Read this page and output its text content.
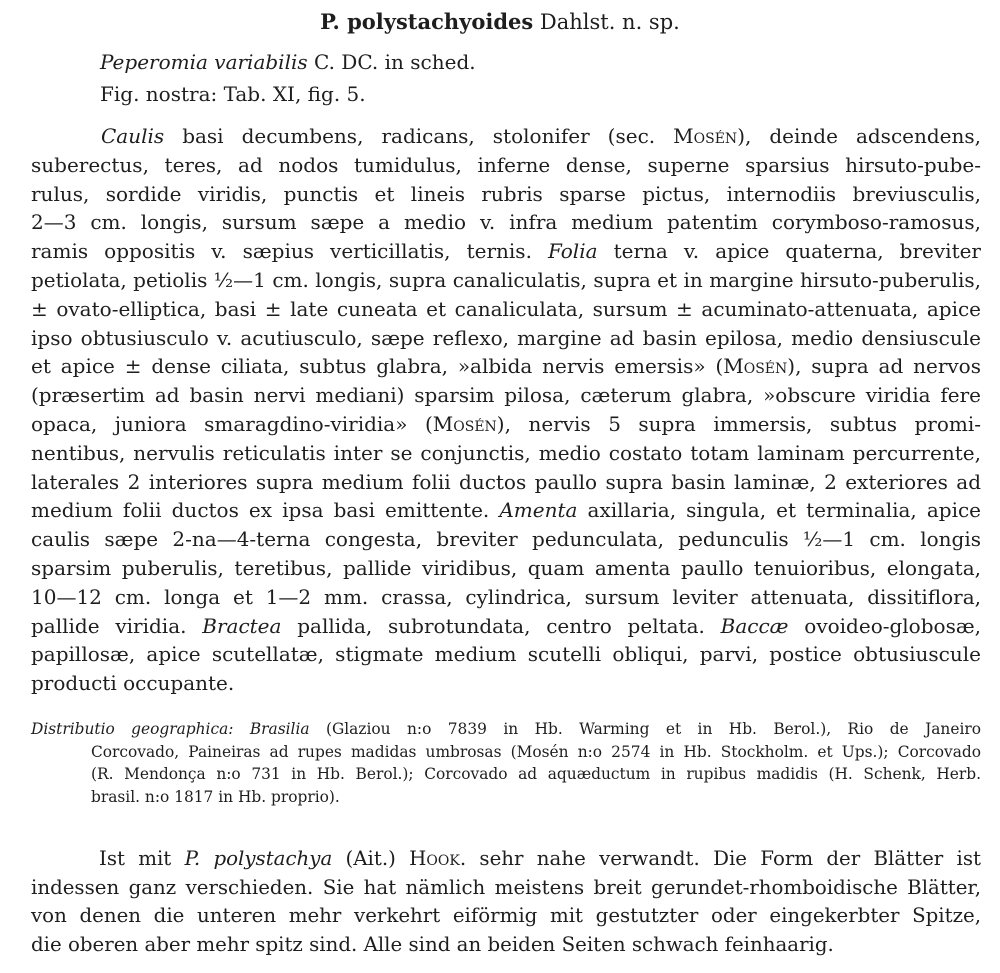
P. polystachyoides Dahlst. n. sp.
Peperomia variabilis C. DC. in sched.
Fig. nostra: Tab. XI, fig. 5.
Caulis basi decumbens, radicans, stolonifer (sec. Mosén), deinde adscendens,
suberectus, teres, ad nodos tumidulus, inferne dense, superne sparsius hirsuto-pube-
rulus, sordide viridis, punctis et lineis rubris sparse pictus, internodiis breviusculis,
2—3 cm. longis, sursum sæpe a medio v. infra medium patentim corymboso-ramosus,
ramis oppositis v. sæpius verticillatis, ternis. Folia terna v. apice quaterna, breviter
petiolata, petiolis ½—1 cm. longis, supra canaliculatis, supra et in margine hirsuto-puberulis,
± ovato-elliptica, basi ± late cuneata et canaliculata, sursum ± acuminato-attenuata, apice
ipso obtusiusculo v. acutiusculo, sæpe reflexo, margine ad basin epilosa, medio densiuscule
et apice ± dense ciliata, subtus glabra, »albida nervis emersis» (Mosén), supra ad nervos
(præsertim ad basin nervi mediani) sparsim pilosa, cæterum glabra, »obscure viridia fere
opaca, juniora smaragdino-viridia» (Mosén), nervis 5 supra immersis, subtus promi-
nentibus, nervulis reticulatis inter se conjunctis, medio costato totam laminam percurrente,
laterales 2 interiores supra medium folii ductos paullo supra basin laminæ, 2 exteriores ad
medium folii ductos ex ipsa basi emittente. Amenta axillaria, singula, et terminalia, apice
caulis sæpe 2-na—4-terna congesta, breviter pedunculata, pedunculis ½—1 cm. longis
sparsim puberulis, teretibus, pallide viridibus, quam amenta paullo tenuioribus, elongata,
10—12 cm. longa et 1—2 mm. crassa, cylindrica, sursum leviter attenuata, dissitiflora,
pallide viridia. Bractea pallida, subrotundata, centro peltata. Baccæ ovoideo-globosæ,
papillosæ, apice scutellatæ, stigmate medium scutelli obliqui, parvi, postice obtusiuscule
producti occupante.
Distributio geographica: Brasilia (Glaziou n:o 7839 in Hb. Warming et in Hb. Berol.), Rio de Janeiro
Corcovado, Paineiras ad rupes madidas umbrosas (Mosén n:o 2574 in Hb. Stockholm. et Ups.); Corcovado
(R. Mendonça n:o 731 in Hb. Berol.); Corcovado ad aquæductum in rupibus madidis (H. Schenk, Herb.
brasil. n:o 1817 in Hb. proprio).
Ist mit P. polystachya (Ait.) Hook. sehr nahe verwandt. Die Form der Blätter ist
indessen ganz verschieden. Sie hat nämlich meistens breit gerundet-rhomboidische Blätter,
von denen die unteren mehr verkehrt eiförmig mit gestutzter oder eingekerbter Spitze,
die oberen aber mehr spitz sind. Alle sind an beiden Seiten schwach feinhaarig.
